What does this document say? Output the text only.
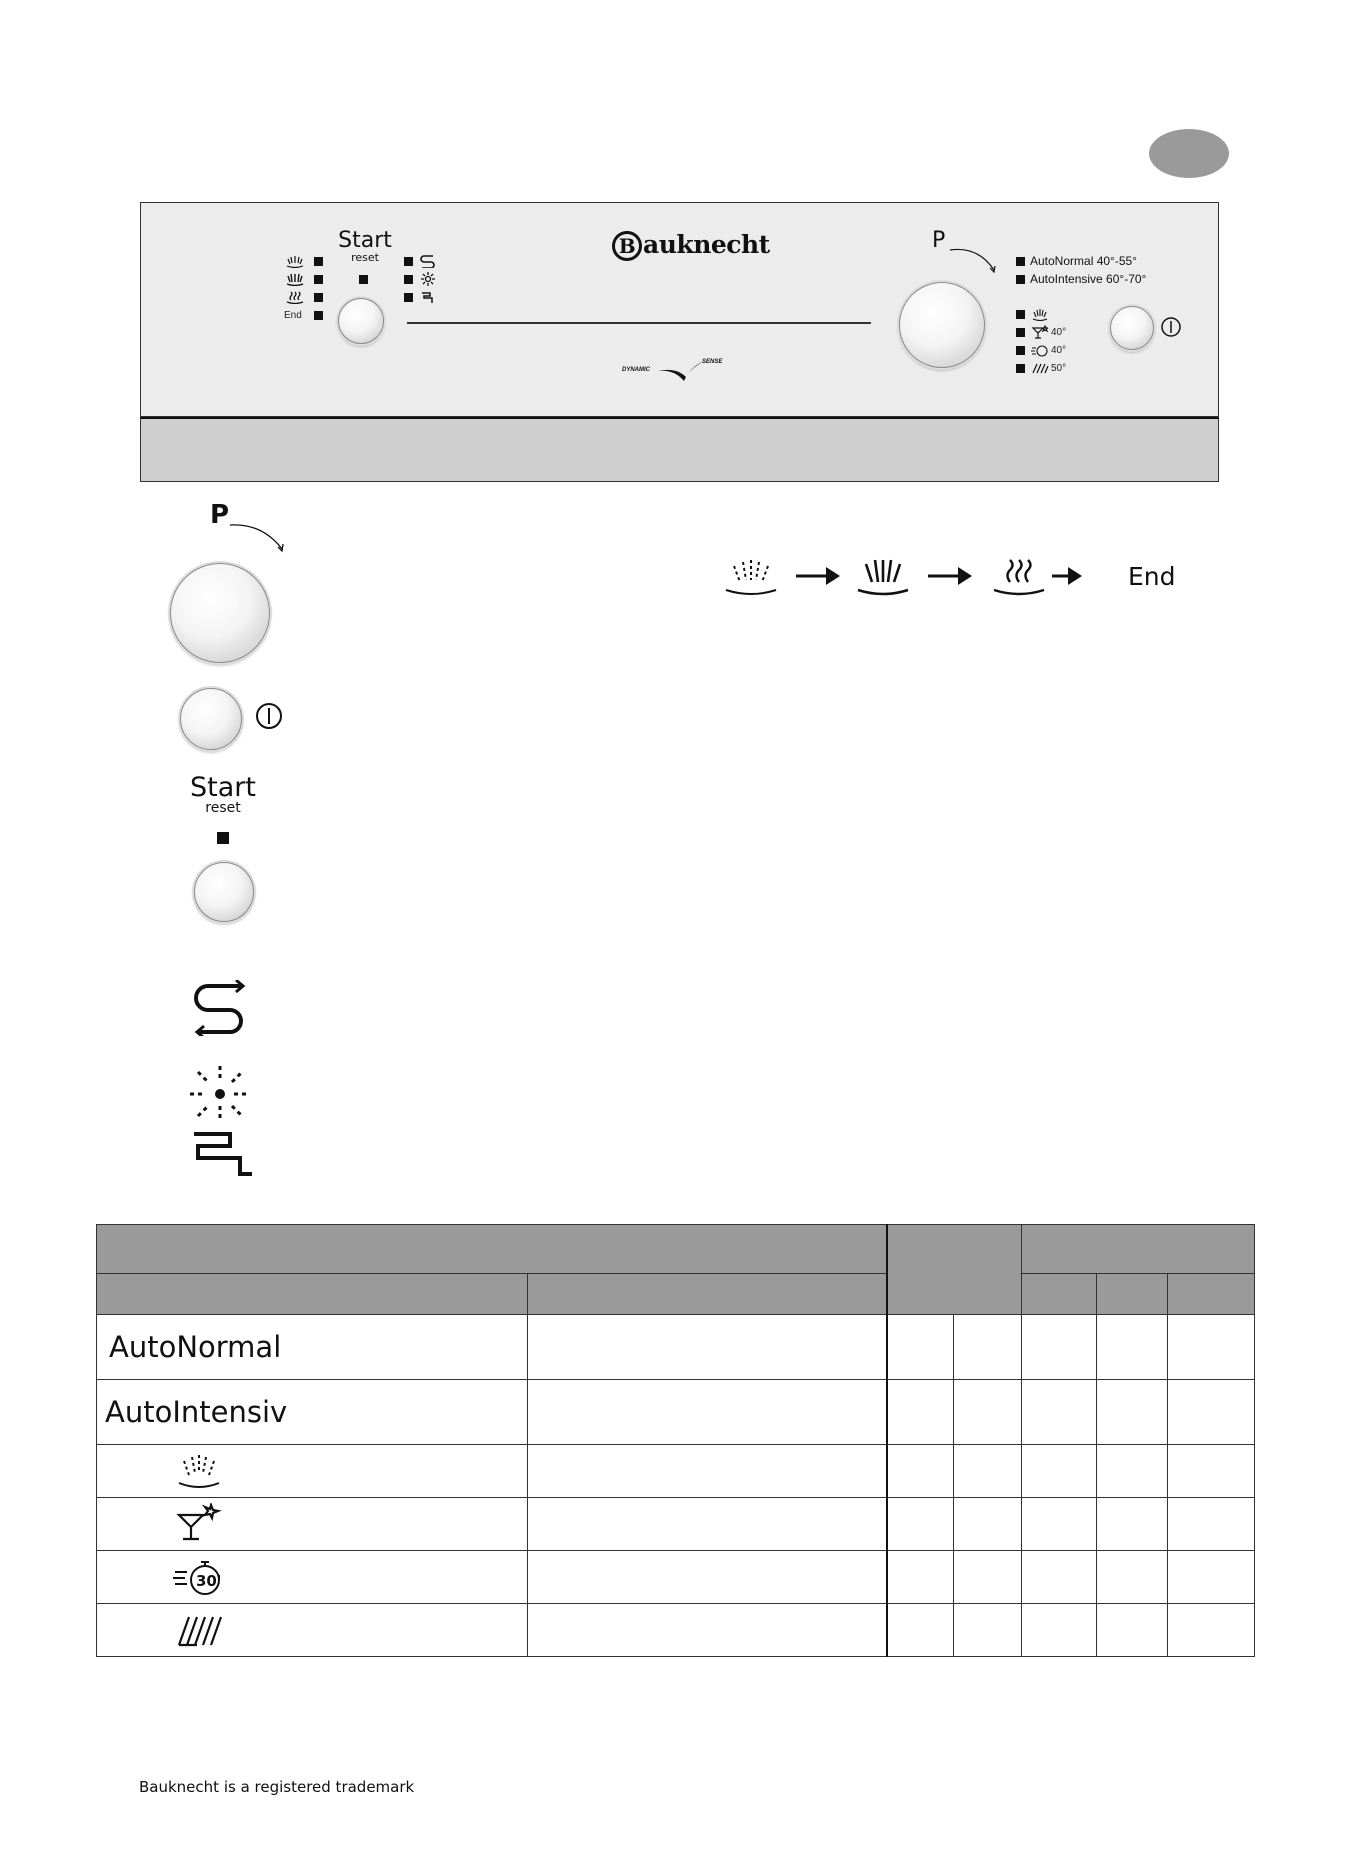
End
Start
reset	B auknecht
DYNAMIC
SENSE
P
AutoNormal 40°-55°
AutoIntensive 60°-70°
40°
40°
50°
P
Start
reset
End

AutoNormal						
AutoIntensiv						

30'						

Bauknecht is a registered trademark
